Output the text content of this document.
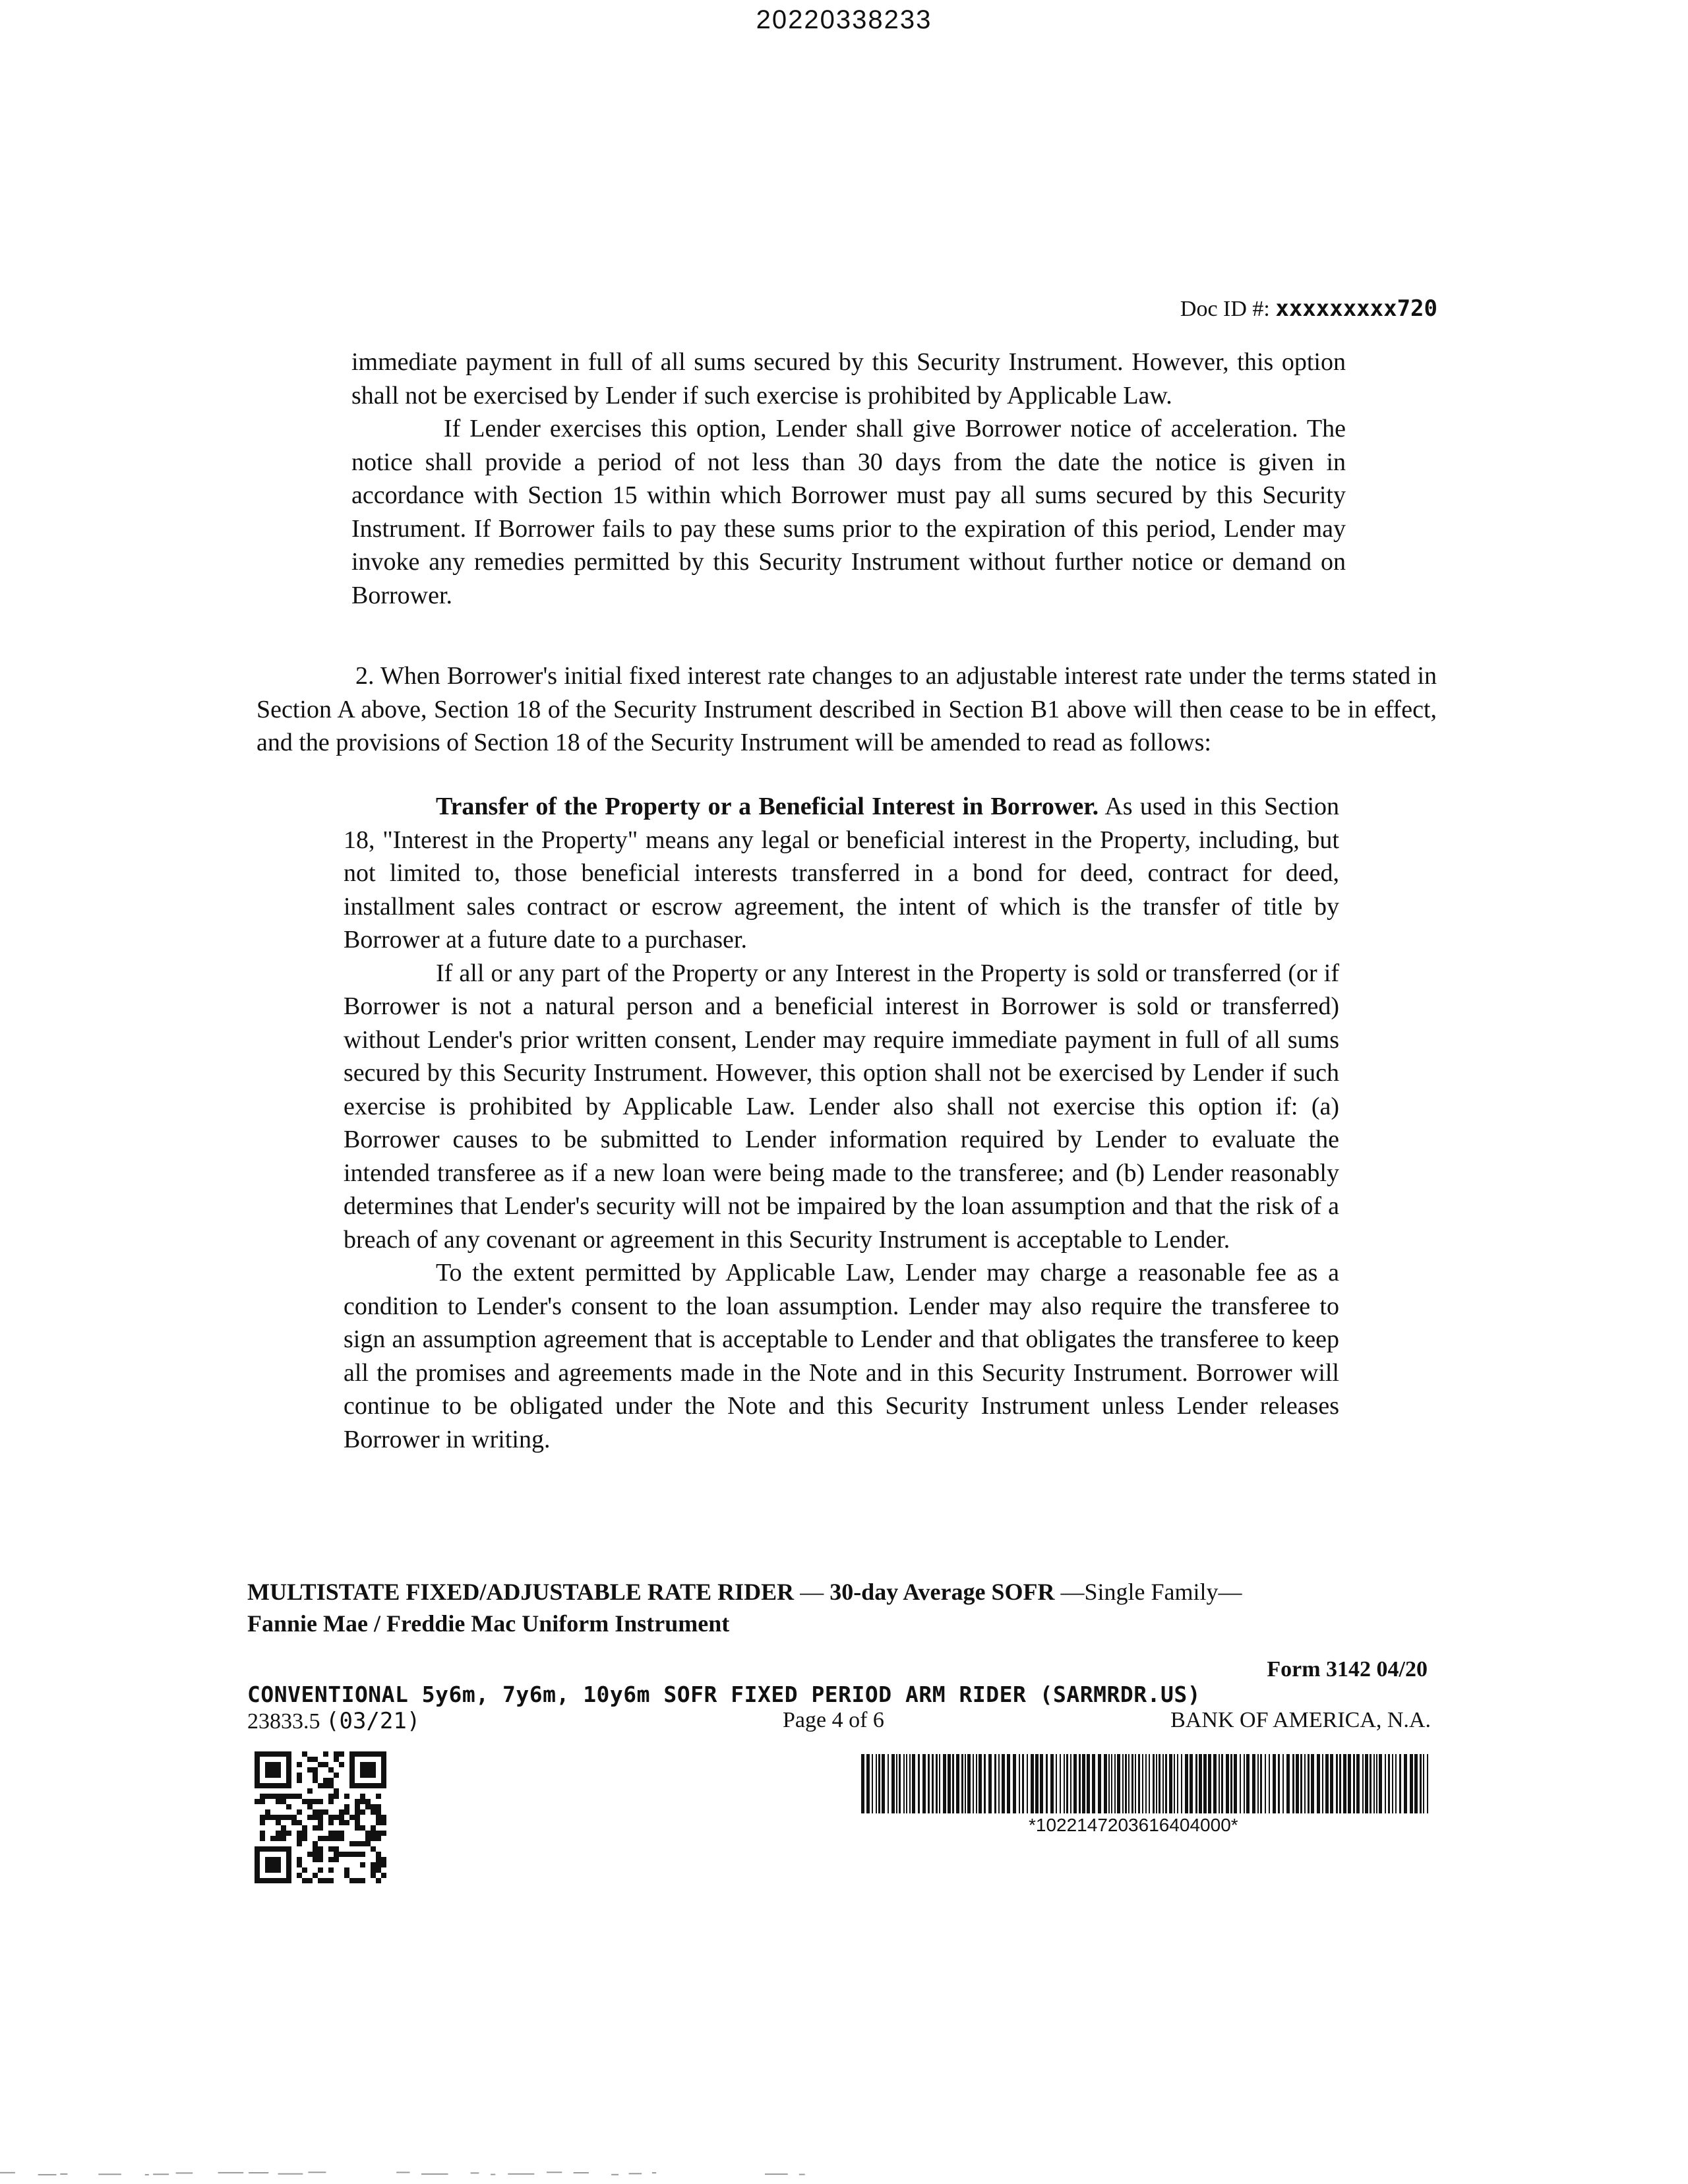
20220338233
Doc ID #: xxxxxxxxx720

immediate payment in full of all sums secured by this Security Instrument. However, this option shall not be exercised by Lender if such exercise is prohibited by Applicable Law.

If Lender exercises this option, Lender shall give Borrower notice of acceleration. The notice shall provide a period of not less than 30 days from the date the notice is given in accordance with Section 15 within which Borrower must pay all sums secured by this Security Instrument. If Borrower fails to pay these sums prior to the expiration of this period, Lender may invoke any remedies permitted by this Security Instrument without further notice or demand on Borrower.

2. When Borrower's initial fixed interest rate changes to an adjustable interest rate under the terms stated in Section A above, Section 18 of the Security Instrument described in Section B1 above will then cease to be in effect, and the provisions of Section 18 of the Security Instrument will be amended to read as follows:

Transfer of the Property or a Beneficial Interest in Borrower. As used in this Section 18, "Interest in the Property" means any legal or beneficial interest in the Property, including, but not limited to, those beneficial interests transferred in a bond for deed, contract for deed, installment sales contract or escrow agreement, the intent of which is the transfer of title by Borrower at a future date to a purchaser.

If all or any part of the Property or any Interest in the Property is sold or transferred (or if Borrower is not a natural person and a beneficial interest in Borrower is sold or transferred) without Lender's prior written consent, Lender may require immediate payment in full of all sums secured by this Security Instrument. However, this option shall not be exercised by Lender if such exercise is prohibited by Applicable Law. Lender also shall not exercise this option if: (a) Borrower causes to be submitted to Lender information required by Lender to evaluate the intended transferee as if a new loan were being made to the transferee; and (b) Lender reasonably determines that Lender's security will not be impaired by the loan assumption and that the risk of a breach of any covenant or agreement in this Security Instrument is acceptable to Lender.

To the extent permitted by Applicable Law, Lender may charge a reasonable fee as a condition to Lender's consent to the loan assumption. Lender may also require the transferee to sign an assumption agreement that is acceptable to Lender and that obligates the transferee to keep all the promises and agreements made in the Note and in this Security Instrument. Borrower will continue to be obligated under the Note and this Security Instrument unless Lender releases Borrower in writing.

MULTISTATE FIXED/ADJUSTABLE RATE RIDER — 30-day Average SOFR —Single Family—
Fannie Mae / Freddie Mac Uniform Instrument
Form 3142 04/20
CONVENTIONAL 5y6m, 7y6m, 10y6m SOFR FIXED PERIOD ARM RIDER (SARMRDR.US)
23833.5 (03/21)	Page 4 of 6	BANK OF AMERICA, N.A.
*1022147203616404000*
